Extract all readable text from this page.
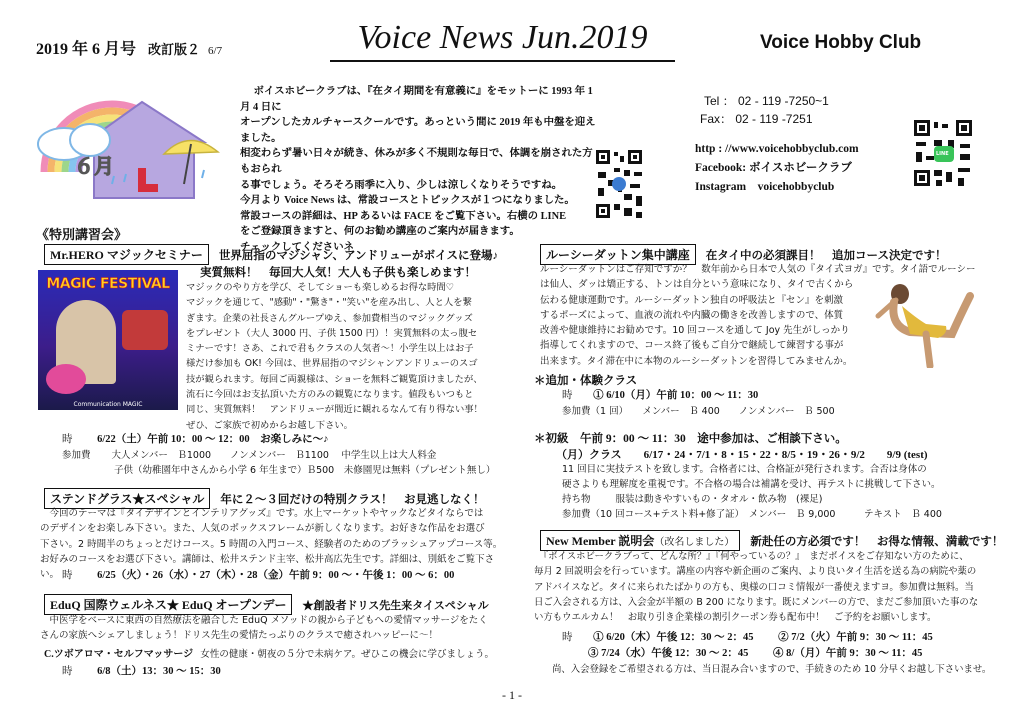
2019 年 6 月号 改訂版２ 6/7	Voice News Jun.2019	Voice Hobby Club
６月

ボイスホビークラブは、『在タイ期間を有意義に』をモットーに 1993 年 1 月 4 日に

オープンしたカルチャースクールです。あっという間に 2019 年も中盤を迎えました。

相変わらず暑い日々が続き、休みが多く不規則な毎日で、体調を崩された方もおられ

る事でしょう。そろそろ雨季に入り、少しは涼しくなりそうですね。

今月より Voice News は、常設コースとトピックスが１つになりました。

常設コースの詳細は、HP あるいは FACE をご覧下さい。右横の LINE

をご登録頂きますと、何のお勧め講座のご案内が届きます。

チェックしてくださいネ

Tel ： 02 - 119 -7250~1
Fax： 02 - 119 -7251
http : //www.voicehobbyclub.com
Facebook: ボイスホビークラブ
Instagram　voicehobbyclub
LINE
《特別講習会》
Mr.HERO マジックセミナー 世界屈指のマジシャン、アンドリューがボイスに登場♪
実質無料！　毎回大人気！大人も子供も楽しめます！
MAGIC FESTIVAL
Communication MAGIC

マジックのやり方を学び、そしてショーも楽しめるお得な時間♡

マジックを通じて、"感動"・"驚き"・"笑い"を産み出し、人と人を繋

ぎます。企業の社長さんグループゆえ、参加費相当のマジックグッズ

をプレゼント（大人 3000 円、子供 1500 円）！実質無料の太っ腹セ

ミナーです！さあ、これで君もクラスの人気者～！小学生以上はお子

様だけ参加も OK! 今回は、世界屈指のマジシャンアンドリューのスゴ

技が観られます。毎回ご両親様は、ショーを無料ご観覧頂けましたが、

流石に今回はお支払頂いた方のみの観覧になります。値段もいつもと

同じ、実質無料！　アンドリューが間近に観れるなんて有り得ない事！

ぜひ、ご家族で初めからお越し下さい。

時 6/22（土）午前 10：00 ～ 12：00　お楽しみに～♪
参加費 大人メンバー　Ｂ1000　　ノンメンバー　Ｂ1100　 中学生以上は大人料金
子供（幼稚園年中さんから小学 6 年生まで）Ｂ500　未修園児は無料（プレゼント無し）
ステンドグラス★スペシャル 年に２～３回だけの特別クラス！　お見逃しなく！

今回のテーマは『タイデザインとインテリアグッズ』です。水上マーケットやヤックなどタイならでは

のデザインをお楽しみ下さい。また、人気のボックスフレームが新しくなります。お好きな作品をお選び

下さい。2 時間半のちょっとだけコース。5 時間の入門コース、経験者のためのブラッシュアップコース等。

お好みのコースをお選び下さい。講師は、松井ステンド主宰、松井高広先生です。詳細は、別紙をご覧下さい。 時 6/25（火）・26（水）・27（木）・28（金）午前 9：00 ～・午後 1：00 ～ 6：00
EduQ 国際ウェルネス★ EduQ オープンデー ★創設者ドリス先生来タイスペシャル

中医学をベースに東西の自然療法を融合した EduQ メソッドの親から子どもへの愛情マッサージをたく

さんの家族へシェアしましょう！ドリス先生の愛情たっぷりのクラスで癒されハッピーに～！

C.ツボアロマ・セルフマッサージ 女性の健康・朝夜の５分で未病ケア。ぜひこの機会に学びましょう。
時 6/8（土）13：30 ～ 15：30
ルーシーダットン集中講座 在タイ中の必須課目！　追加コース決定です！

ルーシーダットンはご存知ですか？　数年前から日本で人気の『タイ式ヨガ』です。タイ語でルーシー

は仙人、ダッは矯正する、トンは自分という意味になり、タイで古くから

伝わる健康運動です。ルーシーダットン独自の呼吸法と『セン』を刺激

するポーズによって、血液の流れや内臓の働きを改善しますので、体質

改善や健康維持にお勧めです。10 回コースを通して Joy 先生がしっかり

指導してくれますので、コース終了後もご自分で継続して練習する事が

出来ます。タイ滞在中に本物のルーシーダットンを習得してみませんか。

＊追加・体験クラス
時 ① 6/10（月）午前 10：00 ～ 11：30
参加費（1 回）　　メンバー　Ｂ 400　　ノンメンバー　Ｂ 500
＊初級　午前 9：00 ～ 11：30　途中参加は、ご相談下さい。
（月）クラス　　6/17・24・7/1・8・15・22・8/5・19・26・9/2　　9/9 (test)

11 回目に実技テストを致します。合格者には、合格証が発行されます。合否は身体の

硬さよりも理解度を重視です。不合格の場合は補講を受け、再テストに挑戦して下さい。

持ち物	服装は動きやすいもの・タオル・飲み物　(裸足)
参加費（10 回コース+テスト料+修了証）　メンバー　Ｂ 9,000　　　テキスト　Ｂ 400
New Member 説明会（改名しました） 新赴任の方必須です！　お得な情報、満載です！

『ボイスホビークラブって、どんな所？』『何やっているの？』　まだボイスをご存知ない方のために、

毎月 2 回説明会を行っています。講座の内容や新企画のご案内、より良いタイ生活を送る為の病院や薬の

アドバイスなど。タイに来られたばかりの方も、奥様の口コミ情報が一番使えますヨ。参加費は無料。当

日ご入会される方は、入会金が半額の B 200 になります。既にメンバーの方で、まだご参加頂いた事のな

い方もウエルカム！　お取り引き企業様の割引クーポン券も配布中！　ご予約をお願いします。

時 ① 6/20（木）午後 12：30 ～ 2：45 ② 7/2（火）午前 9：30 ～ 11：45
③ 7/24（水）午後 12：30 ～ 2：45 ④ 8/（月）午前 9：30 ～ 11：45
尚、入会登録をご希望される方は、当日混み合いますので、手続きのため 10 分早くお越し下さいませ。
- 1 -
